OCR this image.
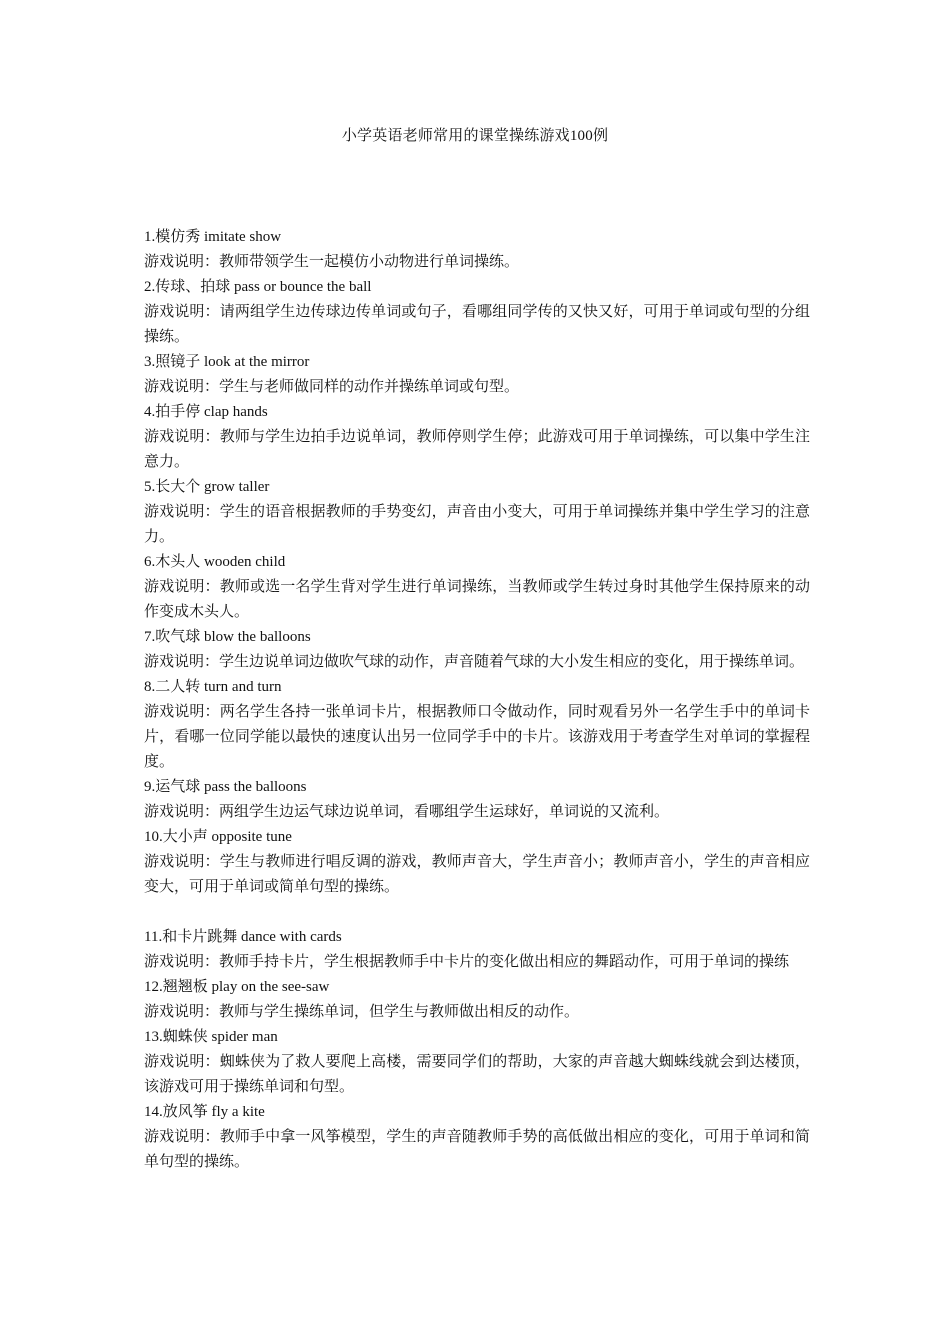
小学英语老师常用的课堂操练游戏100例
1.模仿秀 imitate show
游戏说明：教师带领学生一起模仿小动物进行单词操练。
2.传球、拍球 pass or bounce the ball
游戏说明：请两组学生边传球边传单词或句子，看哪组同学传的又快又好，可用于单词或句型的分组操练。
3.照镜子 look at the mirror
游戏说明：学生与老师做同样的动作并操练单词或句型。
4.拍手停 clap hands
游戏说明：教师与学生边拍手边说单词，教师停则学生停；此游戏可用于单词操练，可以集中学生注意力。
5.长大个 grow taller
游戏说明：学生的语音根据教师的手势变幻，声音由小变大，可用于单词操练并集中学生学习的注意力。
6.木头人 wooden child
游戏说明：教师或选一名学生背对学生进行单词操练，当教师或学生转过身时其他学生保持原来的动作变成木头人。
7.吹气球 blow the balloons
游戏说明：学生边说单词边做吹气球的动作，声音随着气球的大小发生相应的变化，用于操练单词。
8.二人转 turn and turn
游戏说明：两名学生各持一张单词卡片，根据教师口令做动作，同时观看另外一名学生手中的单词卡片，看哪一位同学能以最快的速度认出另一位同学手中的卡片。该游戏用于考查学生对单词的掌握程度。
9.运气球 pass the balloons
游戏说明：两组学生边运气球边说单词，看哪组学生运球好，单词说的又流利。
10.大小声 opposite tune
游戏说明：学生与教师进行唱反调的游戏，教师声音大，学生声音小；教师声音小，学生的声音相应变大，可用于单词或简单句型的操练。
11.和卡片跳舞 dance with cards
游戏说明：教师手持卡片，学生根据教师手中卡片的变化做出相应的舞蹈动作，可用于单词的操练
12.翘翘板 play on the see-saw
游戏说明：教师与学生操练单词，但学生与教师做出相反的动作。
13.蜘蛛侠 spider man
游戏说明：蜘蛛侠为了救人要爬上高楼，需要同学们的帮助，大家的声音越大蜘蛛线就会到达楼顶，该游戏可用于操练单词和句型。
14.放风筝 fly a kite
游戏说明：教师手中拿一风筝模型，学生的声音随教师手势的高低做出相应的变化，可用于单词和简单句型的操练。
